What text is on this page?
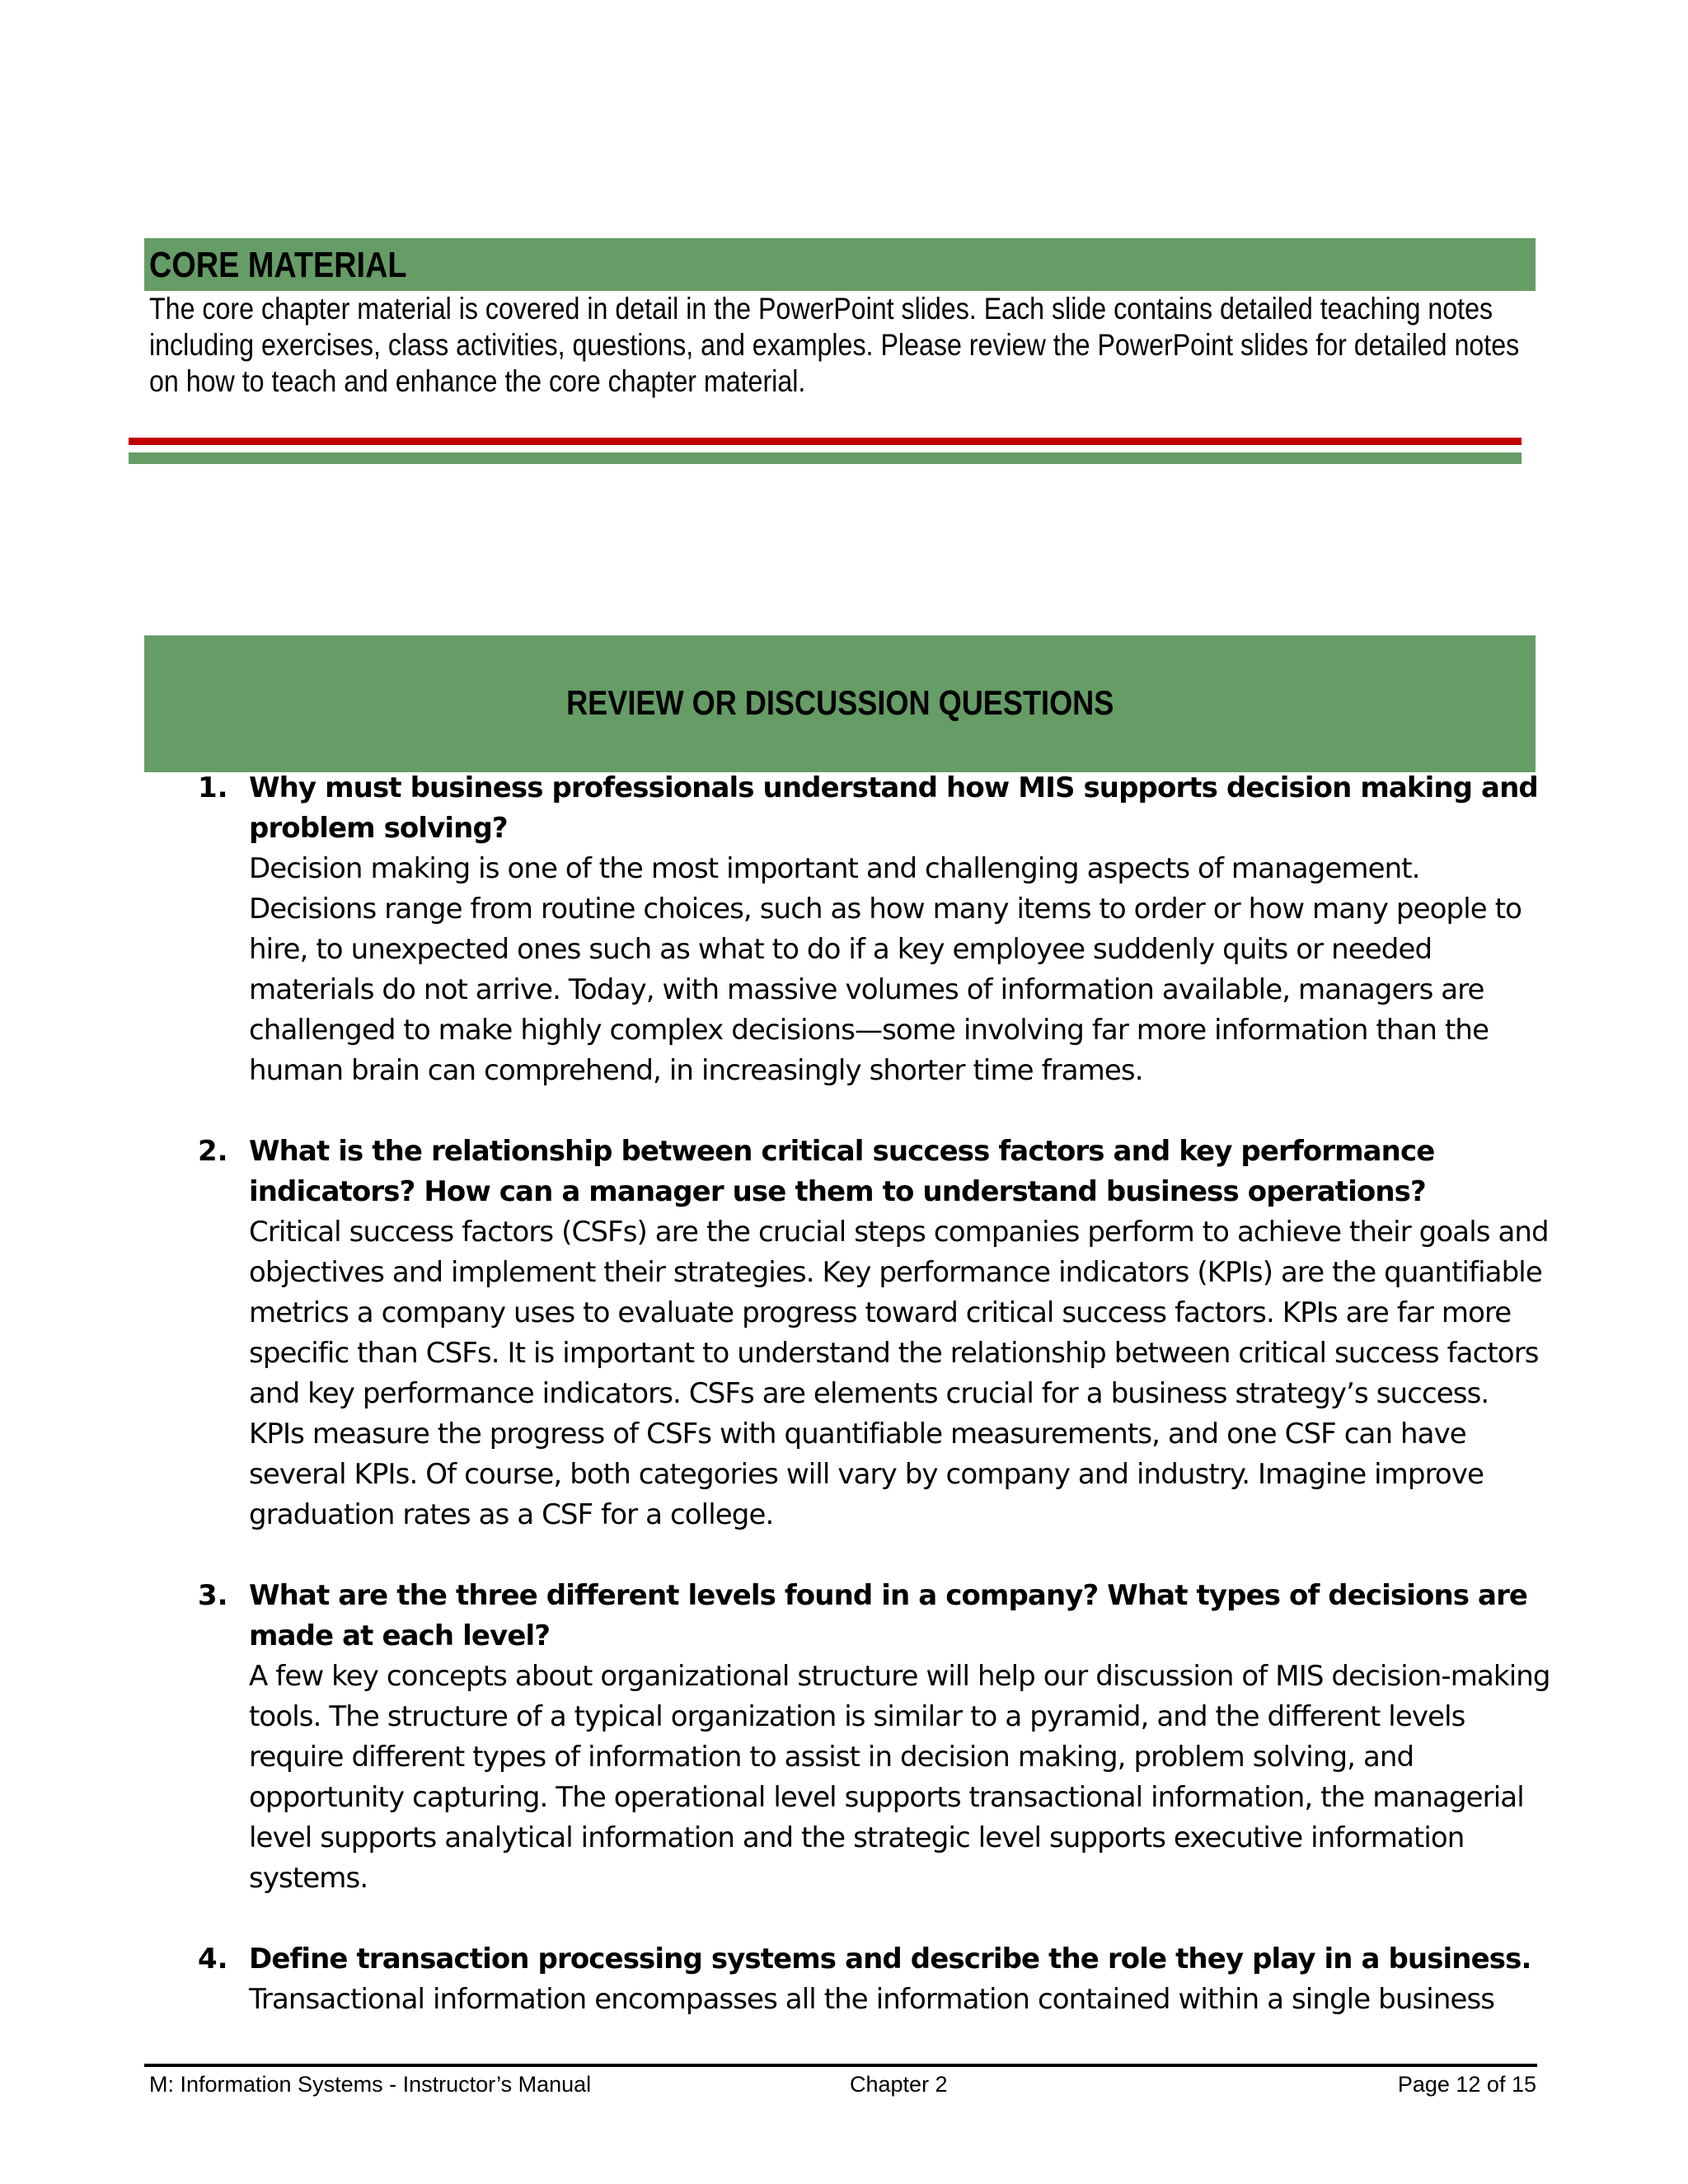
CORE MATERIAL
The core chapter material is covered in detail in the PowerPoint slides. Each slide contains detailed teaching notes including exercises, class activities, questions, and examples. Please review the PowerPoint slides for detailed notes on how to teach and enhance the core chapter material.
REVIEW OR DISCUSSION QUESTIONS
1. Why must business professionals understand how MIS supports decision making and problem solving?
Decision making is one of the most important and challenging aspects of management. Decisions range from routine choices, such as how many items to order or how many people to hire, to unexpected ones such as what to do if a key employee suddenly quits or needed materials do not arrive. Today, with massive volumes of information available, managers are challenged to make highly complex decisions—some involving far more information than the human brain can comprehend, in increasingly shorter time frames.
2. What is the relationship between critical success factors and key performance indicators? How can a manager use them to understand business operations?
Critical success factors (CSFs) are the crucial steps companies perform to achieve their goals and objectives and implement their strategies. Key performance indicators (KPIs) are the quantifiable metrics a company uses to evaluate progress toward critical success factors. KPIs are far more specific than CSFs. It is important to understand the relationship between critical success factors and key performance indicators. CSFs are elements crucial for a business strategy’s success. KPIs measure the progress of CSFs with quantifiable measurements, and one CSF can have several KPIs. Of course, both categories will vary by company and industry. Imagine improve graduation rates as a CSF for a college.
3. What are the three different levels found in a company? What types of decisions are made at each level?
A few key concepts about organizational structure will help our discussion of MIS decision-making tools. The structure of a typical organization is similar to a pyramid, and the different levels require different types of information to assist in decision making, problem solving, and opportunity capturing. The operational level supports transactional information, the managerial level supports analytical information and the strategic level supports executive information systems.
4. Define transaction processing systems and describe the role they play in a business.
Transactional information encompasses all the information contained within a single business
M: Information Systems - Instructor’s Manual	Chapter 2	Page 12 of 15
